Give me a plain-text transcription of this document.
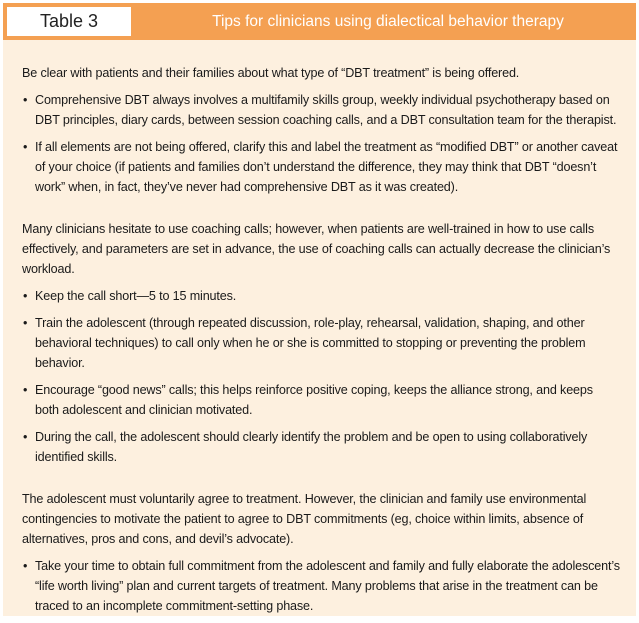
Table 3	Tips for clinicians using dialectical behavior therapy

Be clear with patients and their families about what type of “DBT treatment” is being offered.

• Comprehensive DBT always involves a multifamily skills group, weekly individual psychotherapy based on DBT principles, diary cards, between session coaching calls, and a DBT consultation team for the therapist.
• If all elements are not being offered, clarify this and label the treatment as “modified DBT” or another caveat of your choice (if patients and families don’t understand the difference, they may think that DBT “doesn’t work” when, in fact, they’ve never had comprehensive DBT as it was created).

Many clinicians hesitate to use coaching calls; however, when patients are well-trained in how to use calls effectively, and parameters are set in advance, the use of coaching calls can actually decrease the clinician’s workload.

• Keep the call short—5 to 15 minutes.
• Train the adolescent (through repeated discussion, role-play, rehearsal, validation, shaping, and other behavioral techniques) to call only when he or she is committed to stopping or preventing the problem behavior.
• Encourage “good news” calls; this helps reinforce positive coping, keeps the alliance strong, and keeps both adolescent and clinician motivated.
• During the call, the adolescent should clearly identify the problem and be open to using collaboratively identified skills.

The adolescent must voluntarily agree to treatment. However, the clinician and family use environmental contingencies to motivate the patient to agree to DBT commitments (eg, choice within limits, absence of alternatives, pros and cons, and devil’s advocate).

• Take your time to obtain full commitment from the adolescent and family and fully elaborate the adolescent’s “life worth living” plan and current targets of treatment. Many problems that arise in the treatment can be traced to an incomplete commitment-setting phase.
